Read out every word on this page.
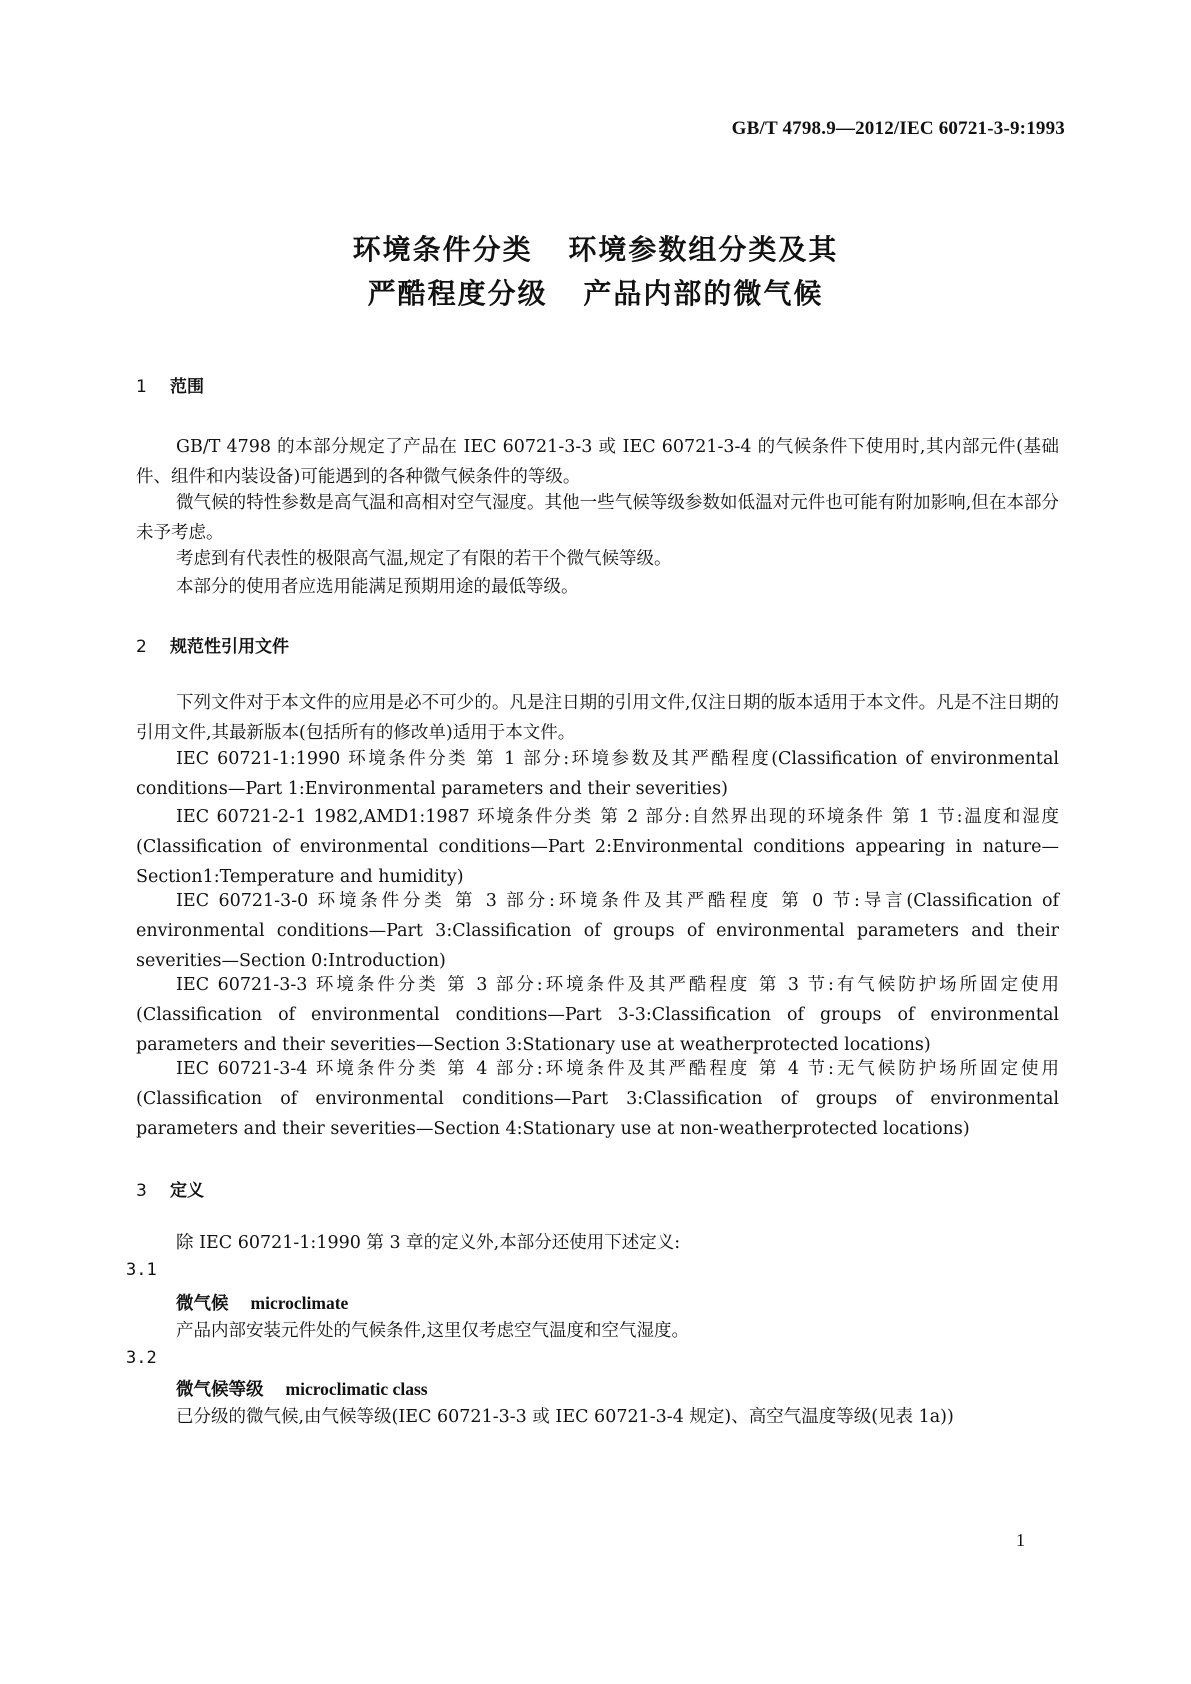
GB/T 4798.9—2012/IEC 60721-3-9:1993
环境条件分类 环境参数组分类及其
严酷程度分级 产品内部的微气候
1 范围

GB/T 4798 的本部分规定了产品在 IEC 60721-3-3 或 IEC 60721-3-4 的气候条件下使用时,其内部元件(基础件、组件和内装设备)可能遇到的各种微气候条件的等级。

微气候的特性参数是高气温和高相对空气湿度。其他一些气候等级参数如低温对元件也可能有附加影响,但在本部分未予考虑。

考虑到有代表性的极限高气温,规定了有限的若干个微气候等级。

本部分的使用者应选用能满足预期用途的最低等级。

2 规范性引用文件

下列文件对于本文件的应用是必不可少的。凡是注日期的引用文件,仅注日期的版本适用于本文件。凡是不注日期的引用文件,其最新版本(包括所有的修改单)适用于本文件。

IEC 60721-1:1990 环境条件分类 第 1 部分:环境参数及其严酷程度(Classification of environmental conditions—Part 1:Environmental parameters and their severities)

IEC 60721-2-1 1982,AMD1:1987 环境条件分类 第 2 部分:自然界出现的环境条件 第 1 节:温度和湿度(Classification of environmental conditions—Part 2:Environmental conditions appearing in nature—Section1:Temperature and humidity)

IEC 60721-3-0 环境条件分类 第 3 部分:环境条件及其严酷程度 第 0 节:导言(Classification of environmental conditions—Part 3:Classification of groups of environmental parameters and their severities—Section 0:Introduction)

IEC 60721-3-3 环境条件分类 第 3 部分:环境条件及其严酷程度 第 3 节:有气候防护场所固定使用(Classification of environmental conditions—Part 3-3:Classification of groups of environmental parameters and their severities—Section 3:Stationary use at weatherprotected locations)

IEC 60721-3-4 环境条件分类 第 4 部分:环境条件及其严酷程度 第 4 节:无气候防护场所固定使用(Classification of environmental conditions—Part 3:Classification of groups of environmental parameters and their severities—Section 4:Stationary use at non-weatherprotected locations)

3 定义

除 IEC 60721-1:1990 第 3 章的定义外,本部分还使用下述定义:

3.1
微气候 microclimate

产品内部安装元件处的气候条件,这里仅考虑空气温度和空气湿度。

3.2
微气候等级 microclimatic class

已分级的微气候,由气候等级(IEC 60721-3-3 或 IEC 60721-3-4 规定)、高空气温度等级(见表 1a))

1
